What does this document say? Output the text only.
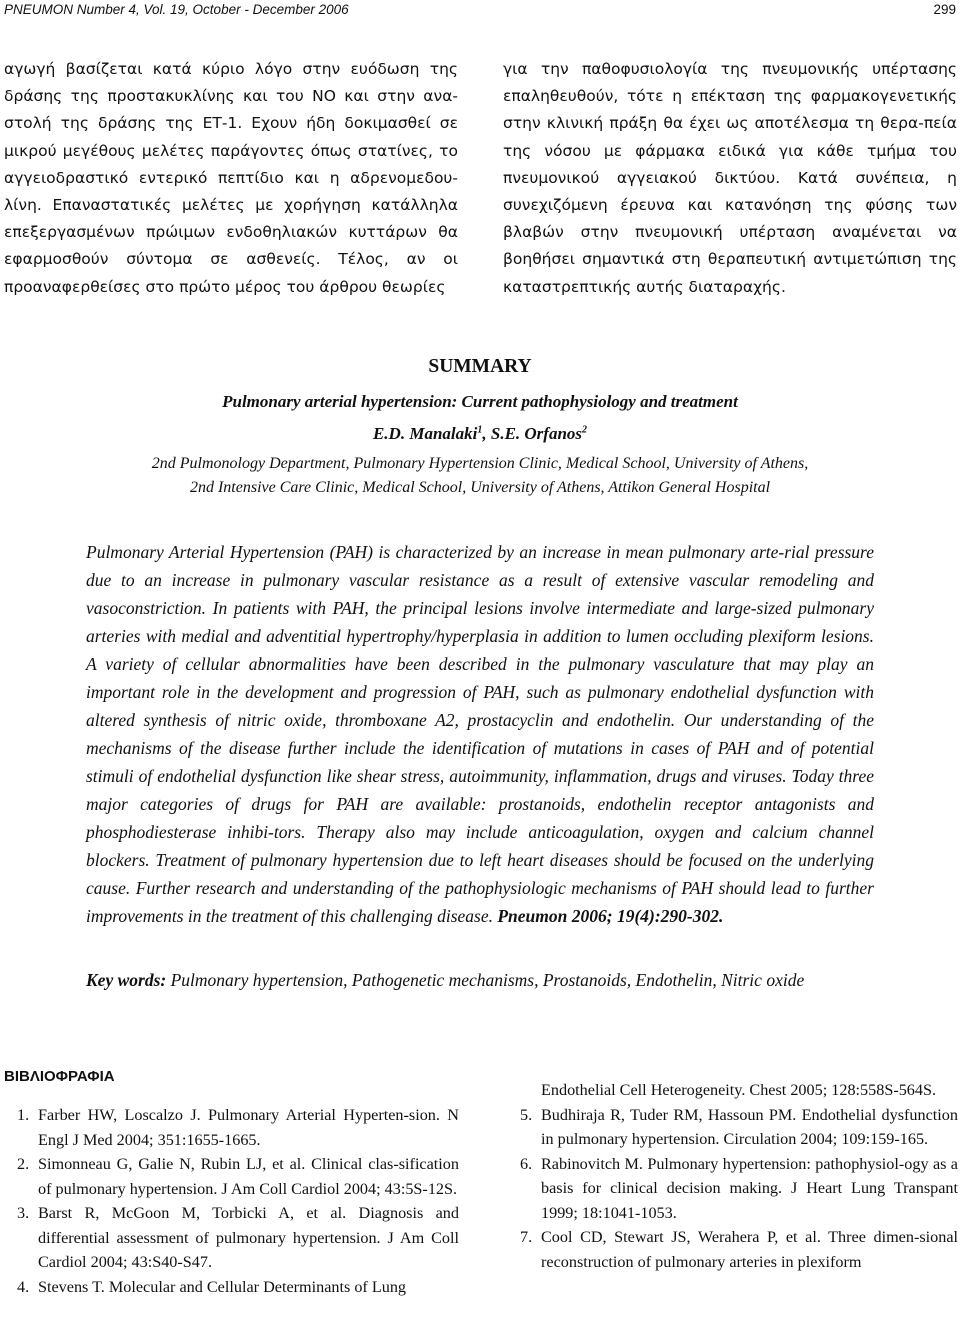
PNEUMON Number 4, Vol. 19, October - December 2006	299

αγωγή βασίζεται κατά κύριο λόγο στην ευόδωση της δράσης της προστακυκλίνης και του ΝΟ και στην ανα-στολή της δράσης της ΕΤ-1. Εχουν ήδη δοκιμασθεί σε μικρού μεγέθους μελέτες παράγοντες όπως στατίνες, το αγγειοδραστικό εντερικό πεπτίδιο και η αδρενομεδου-λίνη. Επαναστατικές μελέτες με χορήγηση κατάλληλα επεξεργασμένων πρώιμων ενδοθηλιακών κυττάρων θα εφαρμοσθούν σύντομα σε ασθενείς. Τέλος, αν οι προαναφερθείσες στο πρώτο μέρος του άρθρου θεωρίες

για την παθοφυσιολογία της πνευμονικής υπέρτασης επαληθευθούν, τότε η επέκταση της φαρμακογενετικής στην κλινική πράξη θα έχει ως αποτέλεσμα τη θερα-πεία της νόσου με φάρμακα ειδικά για κάθε τμήμα του πνευμονικού αγγειακού δικτύου. Κατά συνέπεια, η συνεχιζόμενη έρευνα και κατανόηση της φύσης των βλαβών στην πνευμονική υπέρταση αναμένεται να βοηθήσει σημαντικά στη θεραπευτική αντιμετώπιση της καταστρεπτικής αυτής διαταραχής.

SUMMARY

Pulmonary arterial hypertension: Current pathophysiology and treatment

E.D. Manalaki$^1$, S.E. Orfanos$^2$

2nd Pulmonology Department, Pulmonary Hypertension Clinic, Medical School, University of Athens,
2nd Intensive Care Clinic, Medical School, University of Athens, Attikon General Hospital

Pulmonary Arterial Hypertension (PAH) is characterized by an increase in mean pulmonary arte-rial pressure due to an increase in pulmonary vascular resistance as a result of extensive vascular remodeling and vasoconstriction. In patients with PAH, the principal lesions involve intermediate and large-sized pulmonary arteries with medial and adventitial hypertrophy/hyperplasia in addition to lumen occluding plexiform lesions. A variety of cellular abnormalities have been described in the pulmonary vasculature that may play an important role in the development and progression of PAH, such as pulmonary endothelial dysfunction with altered synthesis of nitric oxide, thromboxane A2, prostacyclin and endothelin. Our understanding of the mechanisms of the disease further include the identification of mutations in cases of PAH and of potential stimuli of endothelial dysfunction like shear stress, autoimmunity, inflammation, drugs and viruses. Today three major categories of drugs for PAH are available: prostanoids, endothelin receptor antagonists and phosphodiesterase inhibi-tors. Therapy also may include anticoagulation, oxygen and calcium channel blockers. Treatment of pulmonary hypertension due to left heart diseases should be focused on the underlying cause. Further research and understanding of the pathophysiologic mechanisms of PAH should lead to further improvements in the treatment of this challenging disease. Pneumon 2006; 19(4):290-302.

Key words: Pulmonary hypertension, Pathogenetic mechanisms, Prostanoids, Endothelin, Nitric oxide

ΒΙΒΛΙΟΦΡΑΦΙΑ
1. Farber HW, Loscalzo J. Pulmonary Arterial Hyperten-sion. N Engl J Med 2004; 351:1655-1665.
2. Simonneau G, Galie N, Rubin LJ, et al. Clinical clas-sification of pulmonary hypertension. J Am Coll Cardiol 2004; 43:5S-12S.
3. Barst R, McGoon M, Torbicki A, et al. Diagnosis and differential assessment of pulmonary hypertension. J Am Coll Cardiol 2004; 43:S40-S47.
4. Stevens T. Molecular and Cellular Determinants of Lung
Endothelial Cell Heterogeneity. Chest 2005; 128:558S-564S.
5. Budhiraja R, Tuder RM, Hassoun PM. Endothelial dysfunction in pulmonary hypertension. Circulation 2004; 109:159-165.
6. Rabinovitch M. Pulmonary hypertension: pathophysiol-ogy as a basis for clinical decision making. J Heart Lung Transpant 1999; 18:1041-1053.
7. Cool CD, Stewart JS, Werahera P, et al. Three dimen-sional reconstruction of pulmonary arteries in plexiform
